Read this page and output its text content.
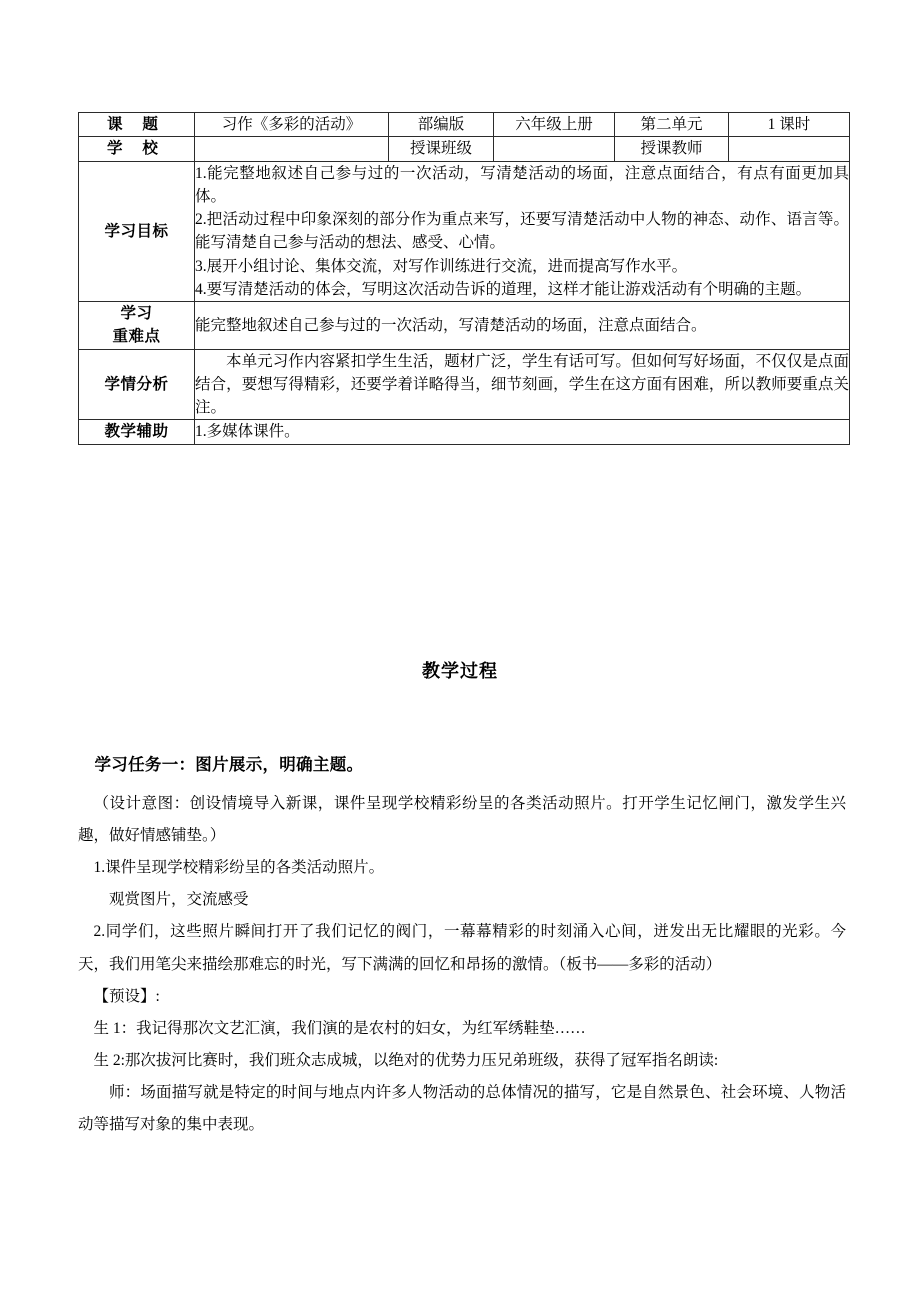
课 题	习作《多彩的活动》	部编版	六年级上册	第二单元	1 课时
学 校		授课班级		授课教师	
学习目标	1.能完整地叙述自己参与过的一次活动，写清楚活动的场面，注意点面结合，有点有面更加具体。

2.把活动过程中印象深刻的部分作为重点来写，还要写清楚活动中人物的神态、动作、语言等。能写清楚自己参与活动的想法、感受、心情。

3.展开小组讨论、集体交流，对写作训练进行交流，进而提高写作水平。

4.要写清楚活动的体会，写明这次活动告诉的道理，这样才能让游戏活动有个明确的主题。				

学习
重难点	能完整地叙述自己参与过的一次活动，写清楚活动的场面，注意点面结合。				

学情分析	本单元习作内容紧扣学生生活，题材广泛，学生有话可写。但如何写好场面，不仅仅是点面结合，要想写得精彩，还要学着详略得当，细节刻画，学生在这方面有困难，所以教师要重点关注。				

教学辅助	1.多媒体课件。				
教学过程

学习任务一：图片展示，明确主题。

（设计意图：创设情境导入新课，课件呈现学校精彩纷呈的各类活动照片。打开学生记忆闸门，激发学生兴趣，做好情感铺垫。）

1.课件呈现学校精彩纷呈的各类活动照片。

观赏图片，交流感受

2.同学们，这些照片瞬间打开了我们记忆的阀门，一幕幕精彩的时刻涌入心间，迸发出无比耀眼的光彩。今天，我们用笔尖来描绘那难忘的时光，写下满满的回忆和昂扬的激情。（板书——多彩的活动）

【预设】:

生 1：我记得那次文艺汇演，我们演的是农村的妇女，为红军绣鞋垫……

生 2:那次拔河比赛时，我们班众志成城，以绝对的优势力压兄弟班级，获得了冠军指名朗读:

师：场面描写就是特定的时间与地点内许多人物活动的总体情况的描写，它是自然景色、社会环境、人物活动等描写对象的集中表现。
